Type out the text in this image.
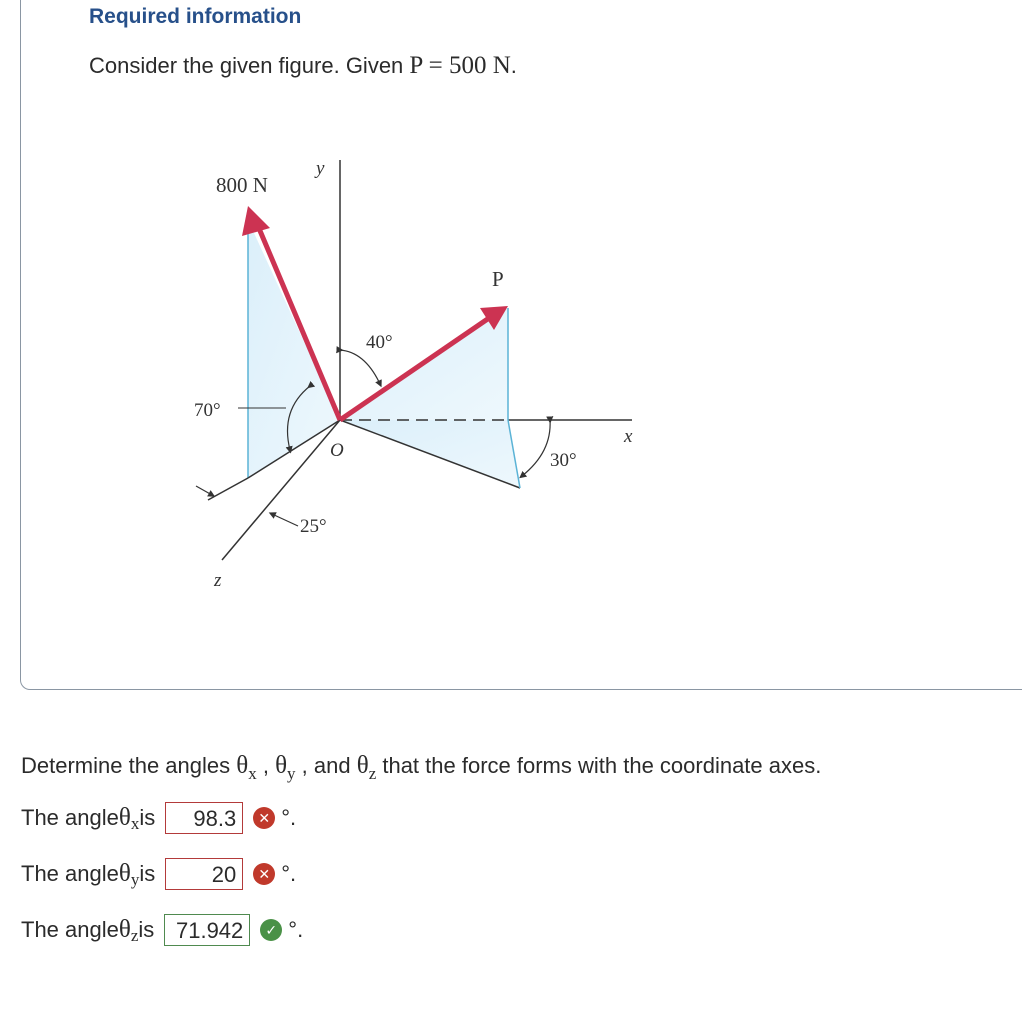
Required information
Consider the given figure. Given P = 500 N.
y
800 N
P
40°
70°
O
x
30°
25°
z
Determine the angles $\theta_x$ , $\theta_y$ , and $\theta_z$ that the force forms with the coordinate axes.
The angle θ x is	98.3	✕ °.
The angle θ y is	20	✕ °.
The angle θ z is 71.942	✓ °.
